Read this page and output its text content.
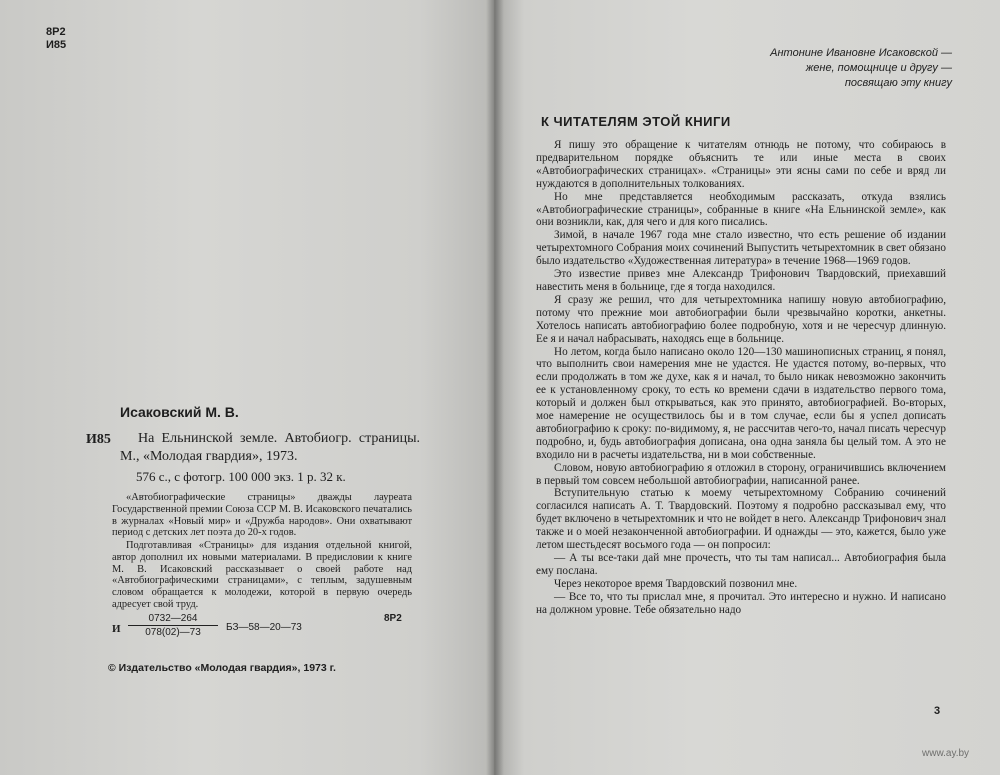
​
8Р2
И85
Исаковский М. В.
И85	На Ельнинской земле. Автобиогр. страницы. М., «Молодая гвардия», 1973.
576 с., с фотогр. 100 000 экз. 1 р. 32 к.
«Автобиографические страницы» дважды лауреата Государственной премии Союза ССР М. В. Исаковского печатались в журналах «Новый мир» и «Дружба народов». Они охватывают период с детских лет поэта до 20-х годов.
Подготавливая «Страницы» для издания отдельной книгой, автор дополнил их новыми материалами. В предисловии к книге М. В. Исаковский рассказывает о своей работе над «Автобиографическими страницами», с теплым, задушевным словом обращается к молодежи, которой в первую очередь адресует свой труд.
И $\frac{0732—264}{078(02)—73}$ БЗ—58—20—73
8Р2
© Издательство «Молодая гвардия», 1973 г.
Антонине Ивановне Исаковской —
жене, помощнице и другу —
посвящаю эту книгу
К ЧИТАТЕЛЯМ ЭТОЙ КНИГИ

Я пишу это обращение к читателям отнюдь не потому, что собираюсь в предварительном порядке объяснить те или иные места в своих «Автобиографических страницах». «Страницы» эти ясны сами по себе и вряд ли нуждаются в дополнительных толкованиях.

Но мне представляется необходимым рассказать, откуда взялись «Автобиографические страницы», собранные в книге «На Ельнинской земле», как они возникли, как, для чего и для кого писались.

Зимой, в начале 1967 года мне стало известно, что есть решение об издании четырехтомного Собрания моих сочинений Выпустить четырехтомник в свет обязано было издательство «Художественная литература» в течение 1968—1969 годов.

Это известие привез мне Александр Трифонович Твардовский, приехавший навестить меня в больнице, где я тогда находился.

Я сразу же решил, что для четырехтомника напишу новую автобиографию, потому что прежние мои автобиографии были чрезвычайно коротки, анкетны. Хотелось написать автобиографию более подробную, хотя и не чересчур длинную. Ее я и начал набрасывать, находясь еще в больнице.

Но летом, когда было написано около 120—130 машинописных страниц, я понял, что выполнить свои намерения мне не удастся. Не удастся потому, во-первых, что если продолжать в том же духе, как я и начал, то было никак невозможно закончить ее к установленному сроку, то есть ко времени сдачи в издательство первого тома, который и должен был открываться, как это принято, автобиографией. Во-вторых, мое намерение не осуществилось бы и в том случае, если бы я успел дописать автобиографию к сроку: по-видимому, я, не рассчитав чего-то, начал писать чересчур подробно, и, будь автобиография дописана, она одна заняла бы целый том. А это не входило ни в расчеты издательства, ни в мои собственные.

Словом, новую автобиографию я отложил в сторону, ограничившись включением в первый том совсем небольшой автобиографии, написанной ранее.

Вступительную статью к моему четырехтомному Собранию сочинений согласился написать А. Т. Твардовский. Поэтому я подробно рассказывал ему, что будет включено в четырехтомник и что не войдет в него. Александр Трифонович знал также и о моей незаконченной автобиографии. И однажды — это, кажется, было уже летом шестьдесят восьмого года — он попросил:

— А ты все-таки дай мне прочесть, что ты там написал... Автобиография была ему послана.

Через некоторое время Твардовский позвонил мне.

— Все то, что ты прислал мне, я прочитал. Это интересно и нужно. И написано на должном уровне. Тебе обязательно надо

3
www.ay.by
